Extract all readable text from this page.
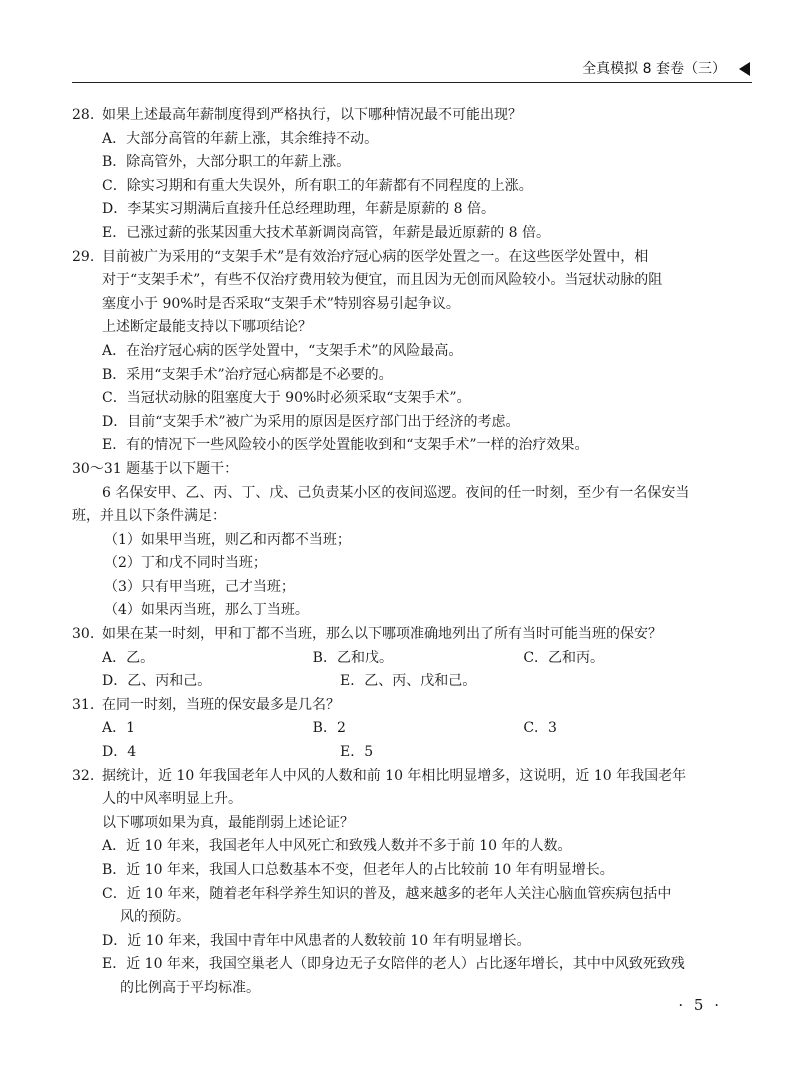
全真模拟 8 套卷（三）
28. 如果上述最高年薪制度得到严格执行，以下哪种情况最不可能出现？
A．大部分高管的年薪上涨，其余维持不动。
B．除高管外，大部分职工的年薪上涨。
C．除实习期和有重大失误外，所有职工的年薪都有不同程度的上涨。
D．李某实习期满后直接升任总经理助理，年薪是原薪的 8 倍。
E．已涨过薪的张某因重大技术革新调岗高管，年薪是最近原薪的 8 倍。
29. 目前被广为采用的“支架手术”是有效治疗冠心病的医学处置之一。在这些医学处置中，相
对于“支架手术”，有些不仅治疗费用较为便宜，而且因为无创而风险较小。当冠状动脉的阻
塞度小于 90%时是否采取“支架手术”特别容易引起争议。
上述断定最能支持以下哪项结论？
A．在治疗冠心病的医学处置中，“支架手术”的风险最高。
B．采用“支架手术”治疗冠心病都是不必要的。
C．当冠状动脉的阻塞度大于 90%时必须采取“支架手术”。
D．目前“支架手术”被广为采用的原因是医疗部门出于经济的考虑。
E．有的情况下一些风险较小的医学处置能收到和“支架手术”一样的治疗效果。
30～31 题基于以下题干：
6 名保安甲、乙、丙、丁、戊、己负责某小区的夜间巡逻。夜间的任一时刻，至少有一名保安当
班，并且以下条件满足：
（1）如果甲当班，则乙和丙都不当班；
（2）丁和戊不同时当班；
（3）只有甲当班，己才当班；
（4）如果丙当班，那么丁当班。
30. 如果在某一时刻，甲和丁都不当班，那么以下哪项准确地列出了所有当时可能当班的保安？
A．乙。	B．乙和戊。	C．乙和丙。
D．乙、丙和己。	E．乙、丙、戊和己。
31. 在同一时刻，当班的保安最多是几名？
A．1	B．2	C．3
D．4	E．5
32. 据统计，近 10 年我国老年人中风的人数和前 10 年相比明显增多，这说明，近 10 年我国老年
人的中风率明显上升。
以下哪项如果为真，最能削弱上述论证？
A．近 10 年来，我国老年人中风死亡和致残人数并不多于前 10 年的人数。
B．近 10 年来，我国人口总数基本不变，但老年人的占比较前 10 年有明显增长。
C．近 10 年来，随着老年科学养生知识的普及，越来越多的老年人关注心脑血管疾病包括中
风的预防。
D．近 10 年来，我国中青年中风患者的人数较前 10 年有明显增长。
E．近 10 年来，我国空巢老人（即身边无子女陪伴的老人）占比逐年增长，其中中风致死致残
的比例高于平均标准。
· 5 ·
